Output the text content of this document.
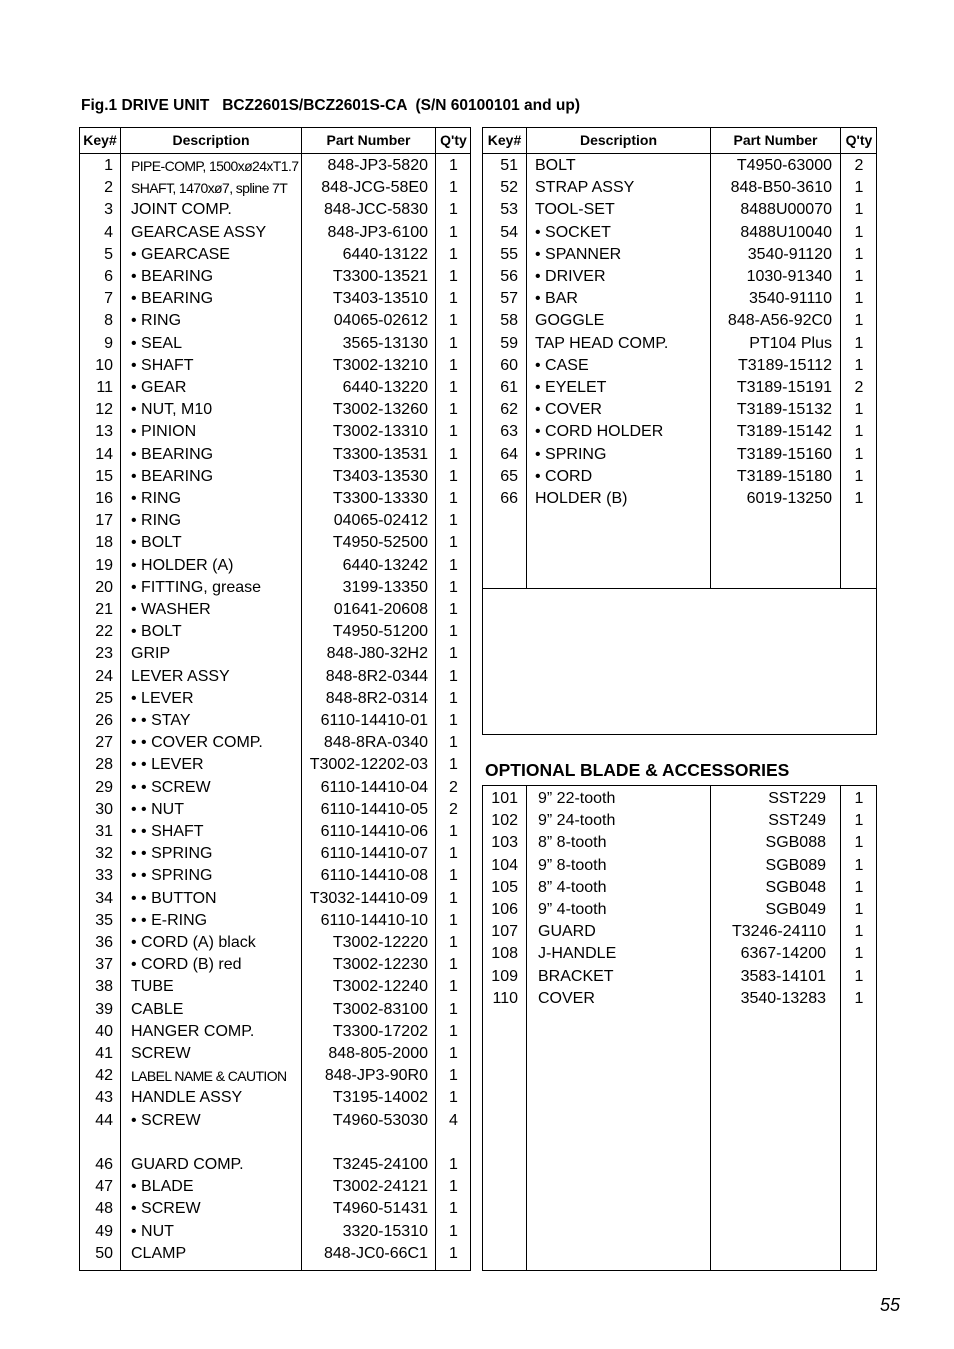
Fig.1 DRIVE UNIT   BCZ2601S/BCZ2601S-CA  (S/N 60100101 and up)
Key#	Description	Part Number	Q'ty
1 PIPE-COMP, 1500xø24xT1.7	848-JP3-5820	1
2 SHAFT, 1470xø7, spline 7T	848-JCG-58E0	1
3 JOINT COMP.	848-JCC-5830	1
4 GEARCASE ASSY	848-JP3-6100	1
5 • GEARCASE	6440-13122	1
6 • BEARING	T3300-13521	1
7 • BEARING	T3403-13510	1
8 • RING	04065-02612	1
9 • SEAL	3565-13130	1
10 • SHAFT	T3002-13210	1
11 • GEAR	6440-13220	1
12 • NUT, M10	T3002-13260	1
13 • PINION	T3002-13310	1
14 • BEARING	T3300-13531	1
15 • BEARING	T3403-13530	1
16 • RING	T3300-13330	1
17 • RING	04065-02412	1
18 • BOLT	T4950-52500	1
19 • HOLDER (A)	6440-13242	1
20 • FITTING, grease	3199-13350	1
21 • WASHER	01641-20608	1
22 • BOLT	T4950-51200	1
23 GRIP	848-J80-32H2	1
24 LEVER ASSY	848-8R2-0344	1
25 • LEVER	848-8R2-0314	1
26 • • STAY	6110-14410-01	1
27 • • COVER COMP.	848-8RA-0340	1
28 • • LEVER	T3002-12202-03	1
29 • • SCREW	6110-14410-04	2
30 • • NUT	6110-14410-05	2
31 • • SHAFT	6110-14410-06	1
32 • • SPRING	6110-14410-07	1
33 • • SPRING	6110-14410-08	1
34 • • BUTTON	T3032-14410-09	1
35 • • E-RING	6110-14410-10	1
36 • CORD (A) black	T3002-12220	1
37 • CORD (B) red	T3002-12230	1
38 TUBE	T3002-12240	1
39 CABLE	T3002-83100	1
40 HANGER COMP.	T3300-17202	1
41 SCREW	848-805-2000	1
42 LABEL NAME & CAUTION	848-JP3-90R0	1
43 HANDLE ASSY	T3195-14002	1
44 • SCREW	T4960-53030	4
46 GUARD COMP.	T3245-24100	1
47 • BLADE	T3002-24121	1
48 • SCREW	T4960-51431	1
49 • NUT	3320-15310	1
50 CLAMP	848-JC0-66C1	1
Key#	Description	Part Number	Q'ty
51 BOLT	T4950-63000	2
52 STRAP ASSY	848-B50-3610	1
53 TOOL-SET	8488U00070	1
54 • SOCKET	8488U10040	1
55 • SPANNER	3540-91120	1
56 • DRIVER	1030-91340	1
57 • BAR	3540-91110	1
58 GOGGLE	848-A56-92C0	1
59 TAP HEAD COMP.	PT104 Plus	1
60 • CASE	T3189-15112	1
61 • EYELET	T3189-15191	2
62 • COVER	T3189-15132	1
63 • CORD HOLDER	T3189-15142	1
64 • SPRING	T3189-15160	1
65 • CORD	T3189-15180	1
66 HOLDER (B)	6019-13250	1
OPTIONAL BLADE & ACCESSORIES
101 9” 22-tooth	SST229	1
102 9” 24-tooth	SST249	1
103 8” 8-tooth	SGB088	1
104 9” 8-tooth	SGB089	1
105 8” 4-tooth	SGB048	1
106 9” 4-tooth	SGB049	1
107 GUARD	T3246-24110	1
108 J-HANDLE	6367-14200	1
109 BRACKET	3583-14101	1
110 COVER	3540-13283	1
55
